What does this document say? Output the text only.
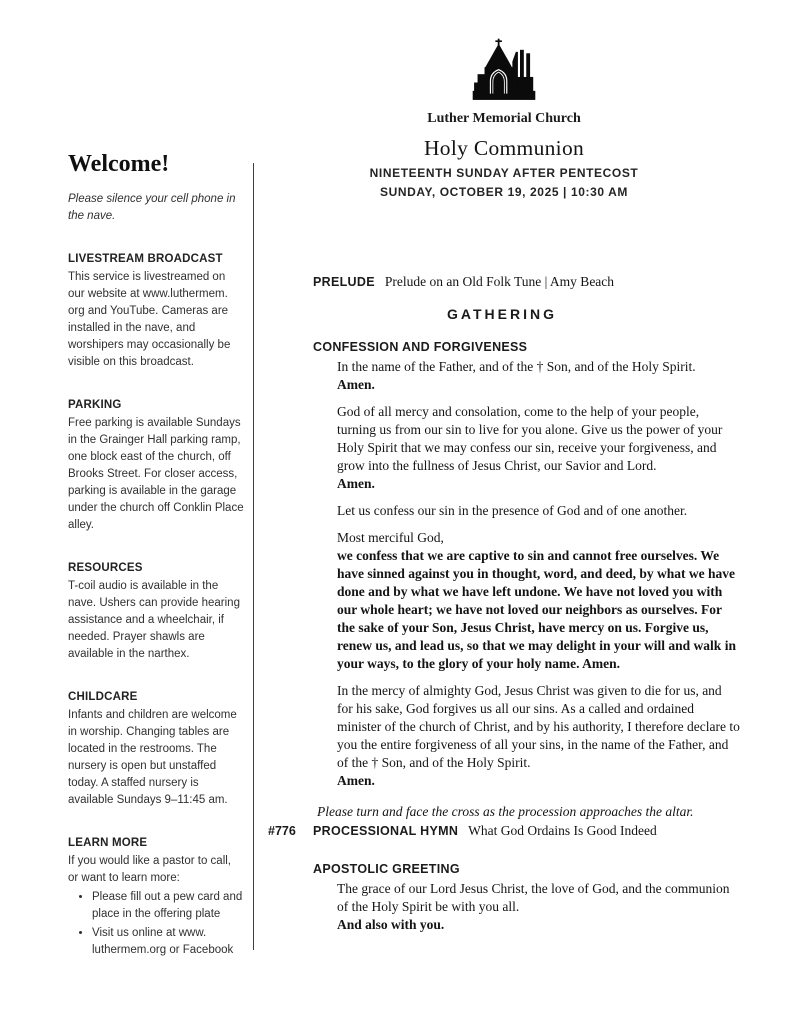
Luther Memorial Church
Holy Communion
NINETEENTH SUNDAY AFTER PENTECOST
SUNDAY, OCTOBER 19, 2025 | 10:30 AM
Welcome!
Please silence your cell phone in the nave.
LIVESTREAM BROADCAST
This service is livestreamed on our website at www.luthermem. org and YouTube. Cameras are installed in the nave, and worshipers may occasionally be visible on this broadcast.
PARKING
Free parking is available Sundays in the Grainger Hall parking ramp, one block east of the church, off Brooks Street. For closer access, parking is available in the garage under the church off Conklin Place alley.
RESOURCES
T-coil audio is available in the nave. Ushers can provide hearing assistance and a wheelchair, if needed. Prayer shawls are available in the narthex.
CHILDCARE
Infants and children are welcome in worship. Changing tables are located in the restrooms. The nursery is open but unstaffed today. A staffed nursery is available Sundays 9–11:45 am.
LEARN MORE
If you would like a pastor to call, or want to learn more:
• Please fill out a pew card and place in the offering plate
• Visit us online at www. luthermem.org or Facebook
PRELUDE Prelude on an Old Folk Tune | Amy Beach
GATHERING
CONFESSION AND FORGIVENESS

In the name of the Father, and of the † Son, and of the Holy Spirit.

Amen.

God of all mercy and consolation, come to the help of your people, turning us from our sin to live for you alone. Give us the power of your Holy Spirit that we may confess our sin, receive your forgiveness, and grow into the fullness of Jesus Christ, our Savior and Lord.

Amen.

Let us confess our sin in the presence of God and of one another.

Most merciful God,

we confess that we are captive to sin and cannot free ourselves. We have sinned against you in thought, word, and deed, by what we have done and by what we have left undone. We have not loved you with our whole heart; we have not loved our neighbors as ourselves. For the sake of your Son, Jesus Christ, have mercy on us. Forgive us, renew us, and lead us, so that we may delight in your will and walk in your ways, to the glory of your holy name. Amen.

In the mercy of almighty God, Jesus Christ was given to die for us, and for his sake, God forgives us all our sins. As a called and ordained minister of the church of Christ, and by his authority, I therefore declare to you the entire forgiveness of all your sins, in the name of the Father, and of the † Son, and of the Holy Spirit.

Amen.

Please turn and face the cross as the procession approaches the altar.
#776	PROCESSIONAL HYMN What God Ordains Is Good Indeed
APOSTOLIC GREETING

The grace of our Lord Jesus Christ, the love of God, and the communion of the Holy Spirit be with you all.

And also with you.
